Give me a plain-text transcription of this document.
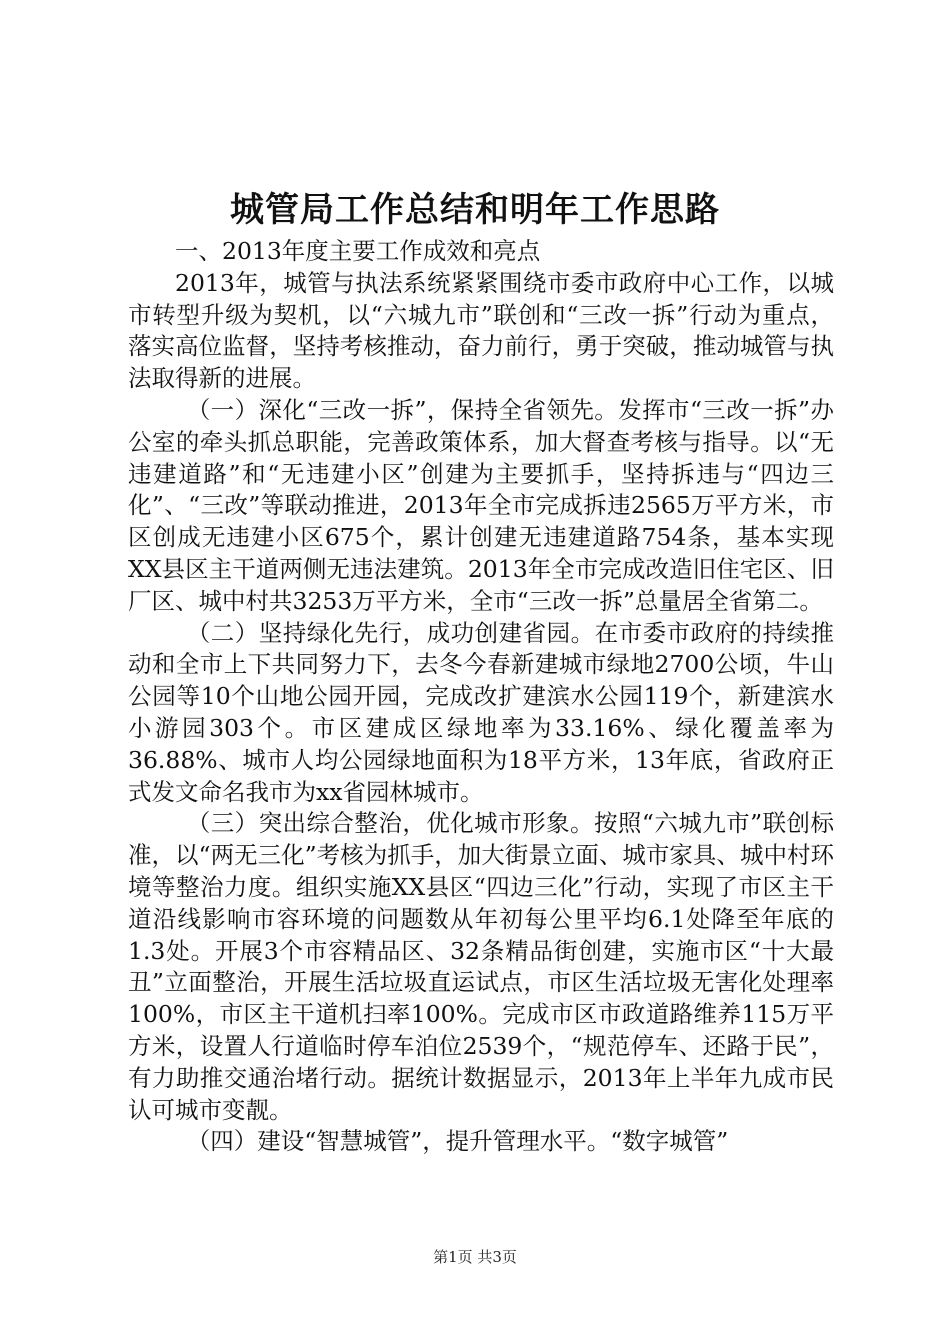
城管局工作总结和明年工作思路

一、2013年度主要工作成效和亮点

2013年，城管与执法系统紧紧围绕市委市政府中心工作，以城市转型升级为契机，以“六城九市”联创和“三改一拆”行动为重点，落实高位监督，坚持考核推动，奋力前行，勇于突破，推动城管与执法取得新的进展。

（一）深化“三改一拆”，保持全省领先。发挥市“三改一拆”办公室的牵头抓总职能，完善政策体系，加大督查考核与指导。以“无违建道路”和“无违建小区”创建为主要抓手，坚持拆违与“四边三化”、“三改”等联动推进，2013年全市完成拆违2565万平方米，市区创成无违建小区675个，累计创建无违建道路754条，基本实现XX县区主干道两侧无违法建筑。2013年全市完成改造旧住宅区、旧厂区、城中村共3253万平方米，全市“三改一拆”总量居全省第二。

（二）坚持绿化先行，成功创建省园。在市委市政府的持续推动和全市上下共同努力下，去冬今春新建城市绿地2700公顷，牛山公园等10个山地公园开园，完成改扩建滨水公园119个，新建滨水小游园303个。市区建成区绿地率为33.16%、绿化覆盖率为36.88%、城市人均公园绿地面积为18平方米，13年底，省政府正式发文命名我市为xx省园林城市。

（三）突出综合整治，优化城市形象。按照“六城九市”联创标准，以“两无三化”考核为抓手，加大街景立面、城市家具、城中村环境等整治力度。组织实施XX县区“四边三化”行动，实现了市区主干道沿线影响市容环境的问题数从年初每公里平均6.1处降至年底的1.3处。开展3个市容精品区、32条精品街创建，实施市区“十大最丑”立面整治，开展生活垃圾直运试点，市区生活垃圾无害化处理率100%，市区主干道机扫率100%。完成市区市政道路维养115万平方米，设置人行道临时停车泊位2539个，“规范停车、还路于民”，有力助推交通治堵行动。据统计数据显示，2013年上半年九成市民认可城市变靓。

（四）建设“智慧城管”，提升管理水平。“数字城管”

第1页 共3页
